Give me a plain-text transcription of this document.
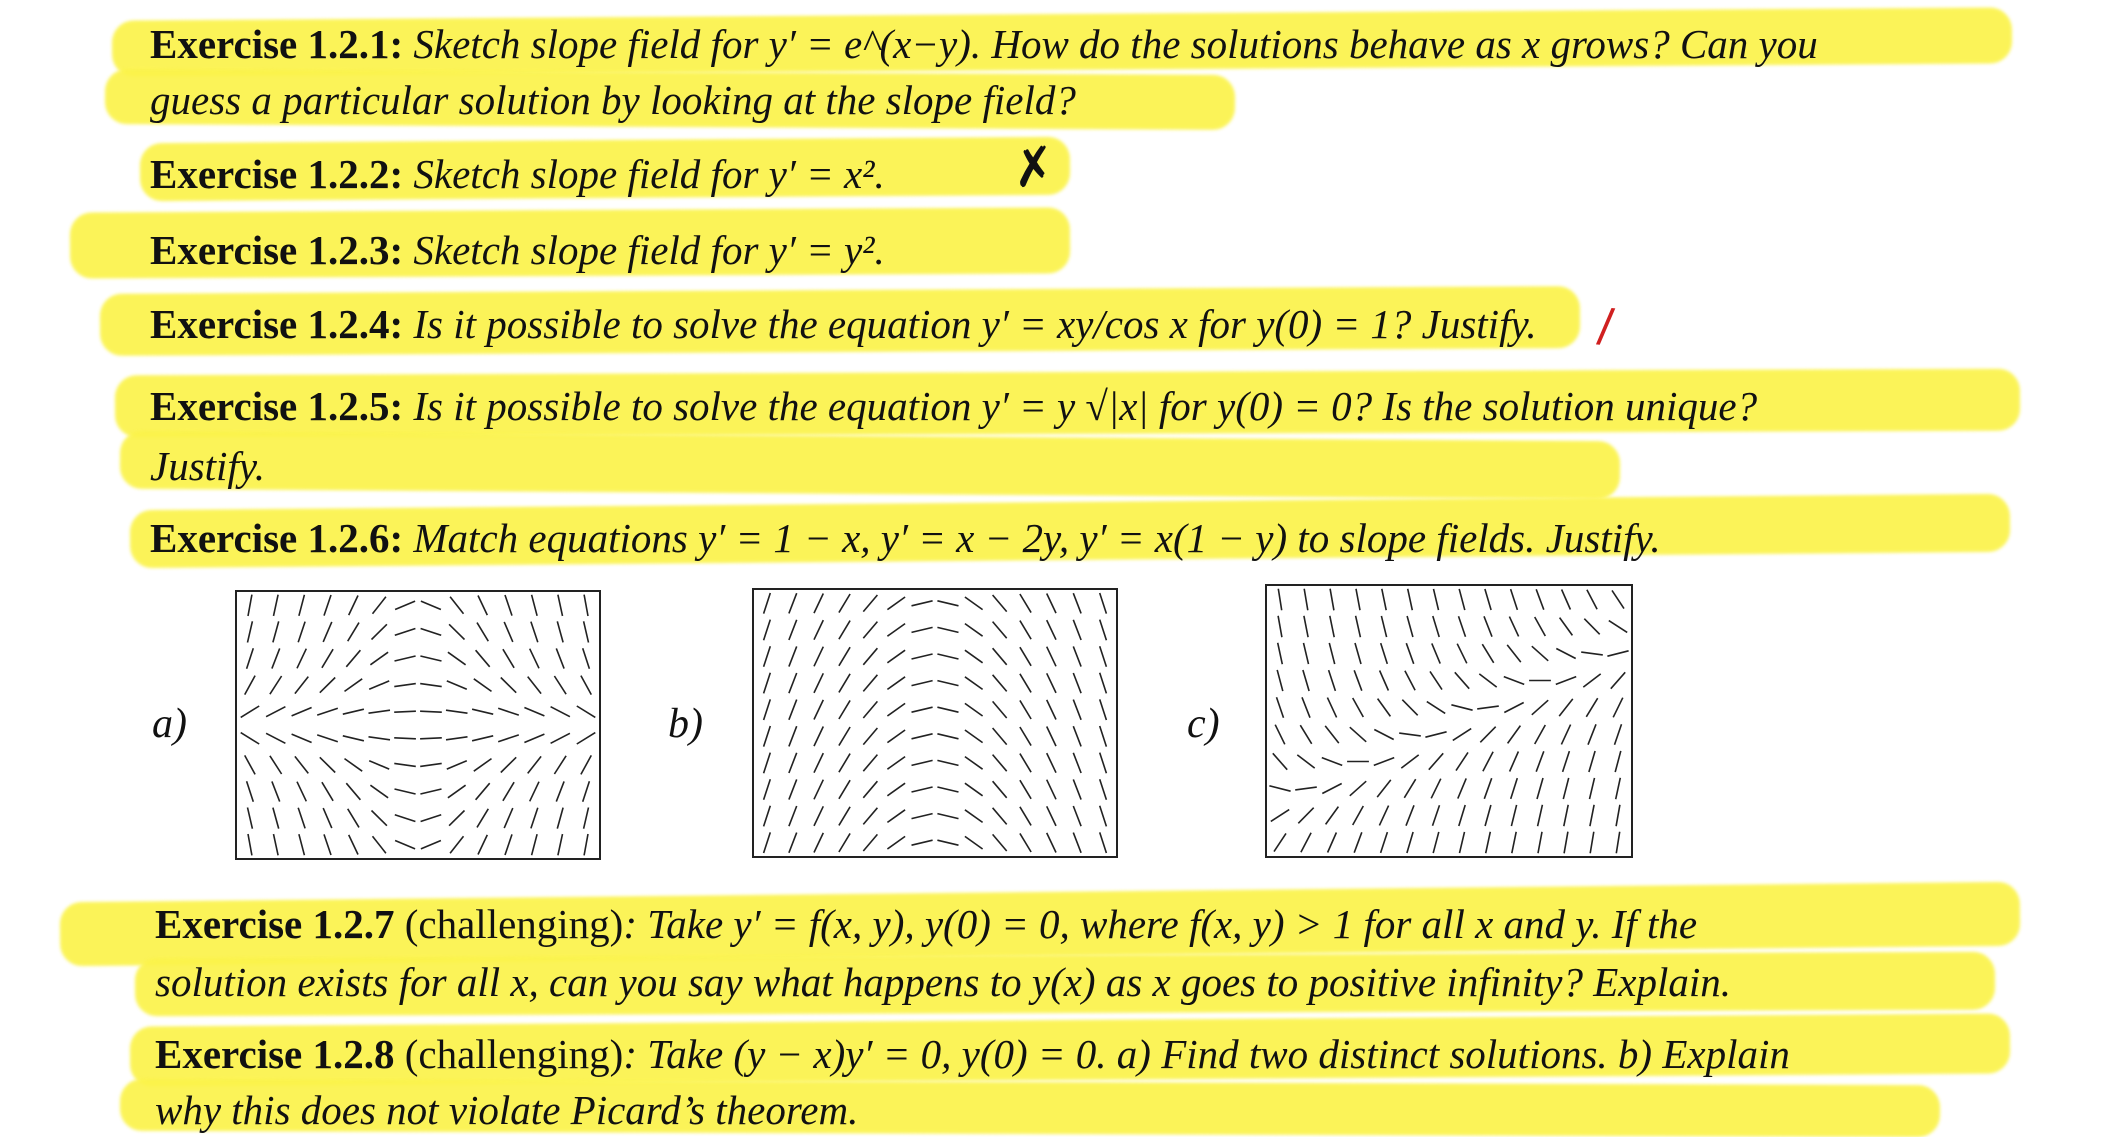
Exercise 1.2.1: Sketch slope field for y′ = e^(x−y). How do the solutions behave as x grows? Can you
guess a particular solution by looking at the slope field?
Exercise 1.2.2: Sketch slope field for y′ = x². ✗
Exercise 1.2.3: Sketch slope field for y′ = y².
Exercise 1.2.4: Is it possible to solve the equation y′ = xy/cos x for y(0) = 1? Justify. /
Exercise 1.2.5: Is it possible to solve the equation y′ = y √|x| for y(0) = 0? Is the solution unique?
Justify.
Exercise 1.2.6: Match equations y′ = 1 − x, y′ = x − 2y, y′ = x(1 − y) to slope fields. Justify.
a)	b)	c)
Exercise 1.2.7 (challenging): Take y′ = f(x, y), y(0) = 0, where f(x, y) > 1 for all x and y. If the
solution exists for all x, can you say what happens to y(x) as x goes to positive infinity? Explain.
Exercise 1.2.8 (challenging): Take (y − x)y′ = 0, y(0) = 0. a) Find two distinct solutions. b) Explain
why this does not violate Picard’s theorem.
